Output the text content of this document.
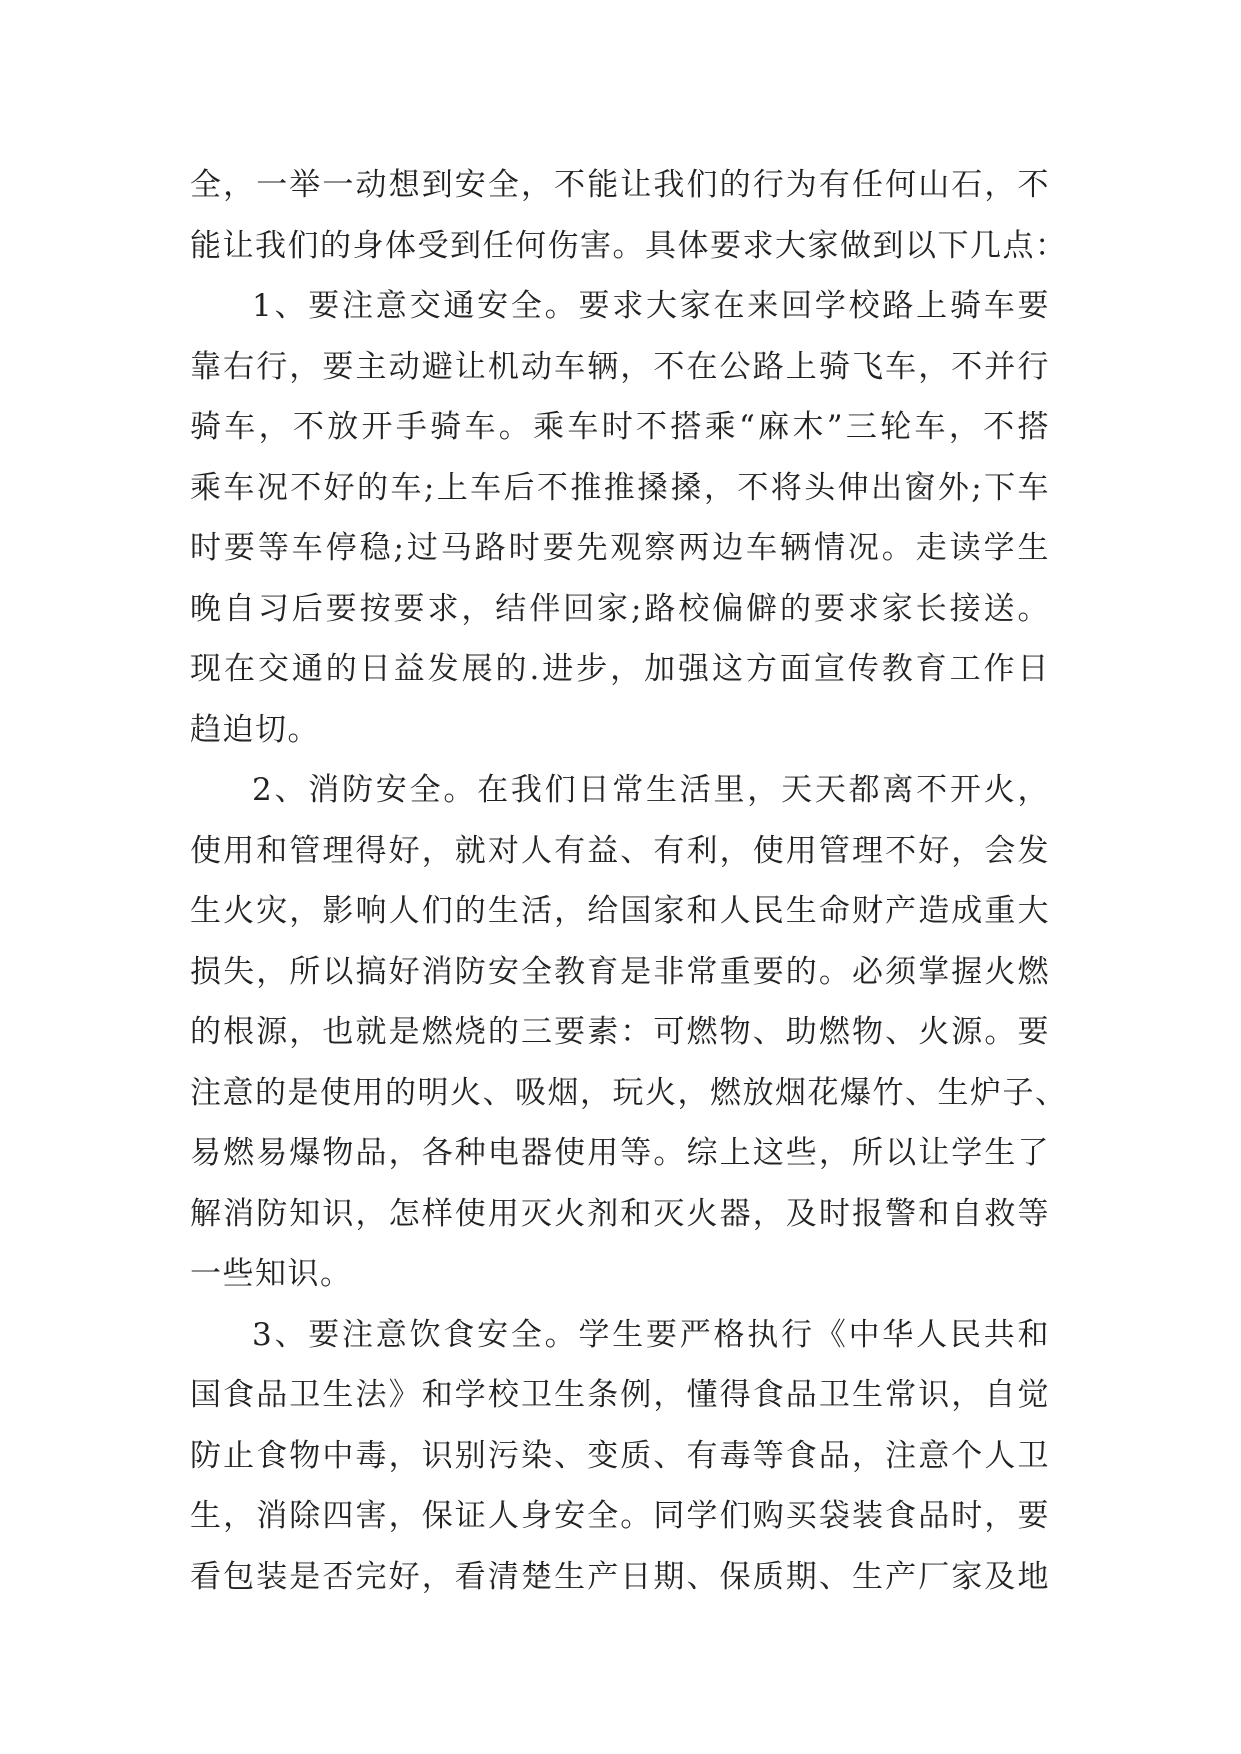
全，一举一动想到安全，不能让我们的行为有任何山石，不
能让我们的身体受到任何伤害。具体要求大家做到以下几点：
1、要注意交通安全。要求大家在来回学校路上骑车要
靠右行，要主动避让机动车辆，不在公路上骑飞车，不并行
骑车，不放开手骑车。乘车时不搭乘“麻木”三轮车，不搭
乘车况不好的车;上车后不推推搡搡，不将头伸出窗外;下车
时要等车停稳;过马路时要先观察两边车辆情况。走读学生
晚自习后要按要求，结伴回家;路校偏僻的要求家长接送。
现在交通的日益发展的.进步，加强这方面宣传教育工作日
趋迫切。
2、消防安全。在我们日常生活里，天天都离不开火，
使用和管理得好，就对人有益、有利，使用管理不好，会发
生火灾，影响人们的生活，给国家和人民生命财产造成重大
损失，所以搞好消防安全教育是非常重要的。必须掌握火燃
的根源，也就是燃烧的三要素：可燃物、助燃物、火源。要
注意的是使用的明火、吸烟，玩火，燃放烟花爆竹、生炉子、
易燃易爆物品，各种电器使用等。综上这些，所以让学生了
解消防知识，怎样使用灭火剂和灭火器，及时报警和自救等
一些知识。
3、要注意饮食安全。学生要严格执行《中华人民共和
国食品卫生法》和学校卫生条例，懂得食品卫生常识，自觉
防止食物中毒，识别污染、变质、有毒等食品，注意个人卫
生，消除四害，保证人身安全。同学们购买袋装食品时，要
看包装是否完好，看清楚生产日期、保质期、生产厂家及地
